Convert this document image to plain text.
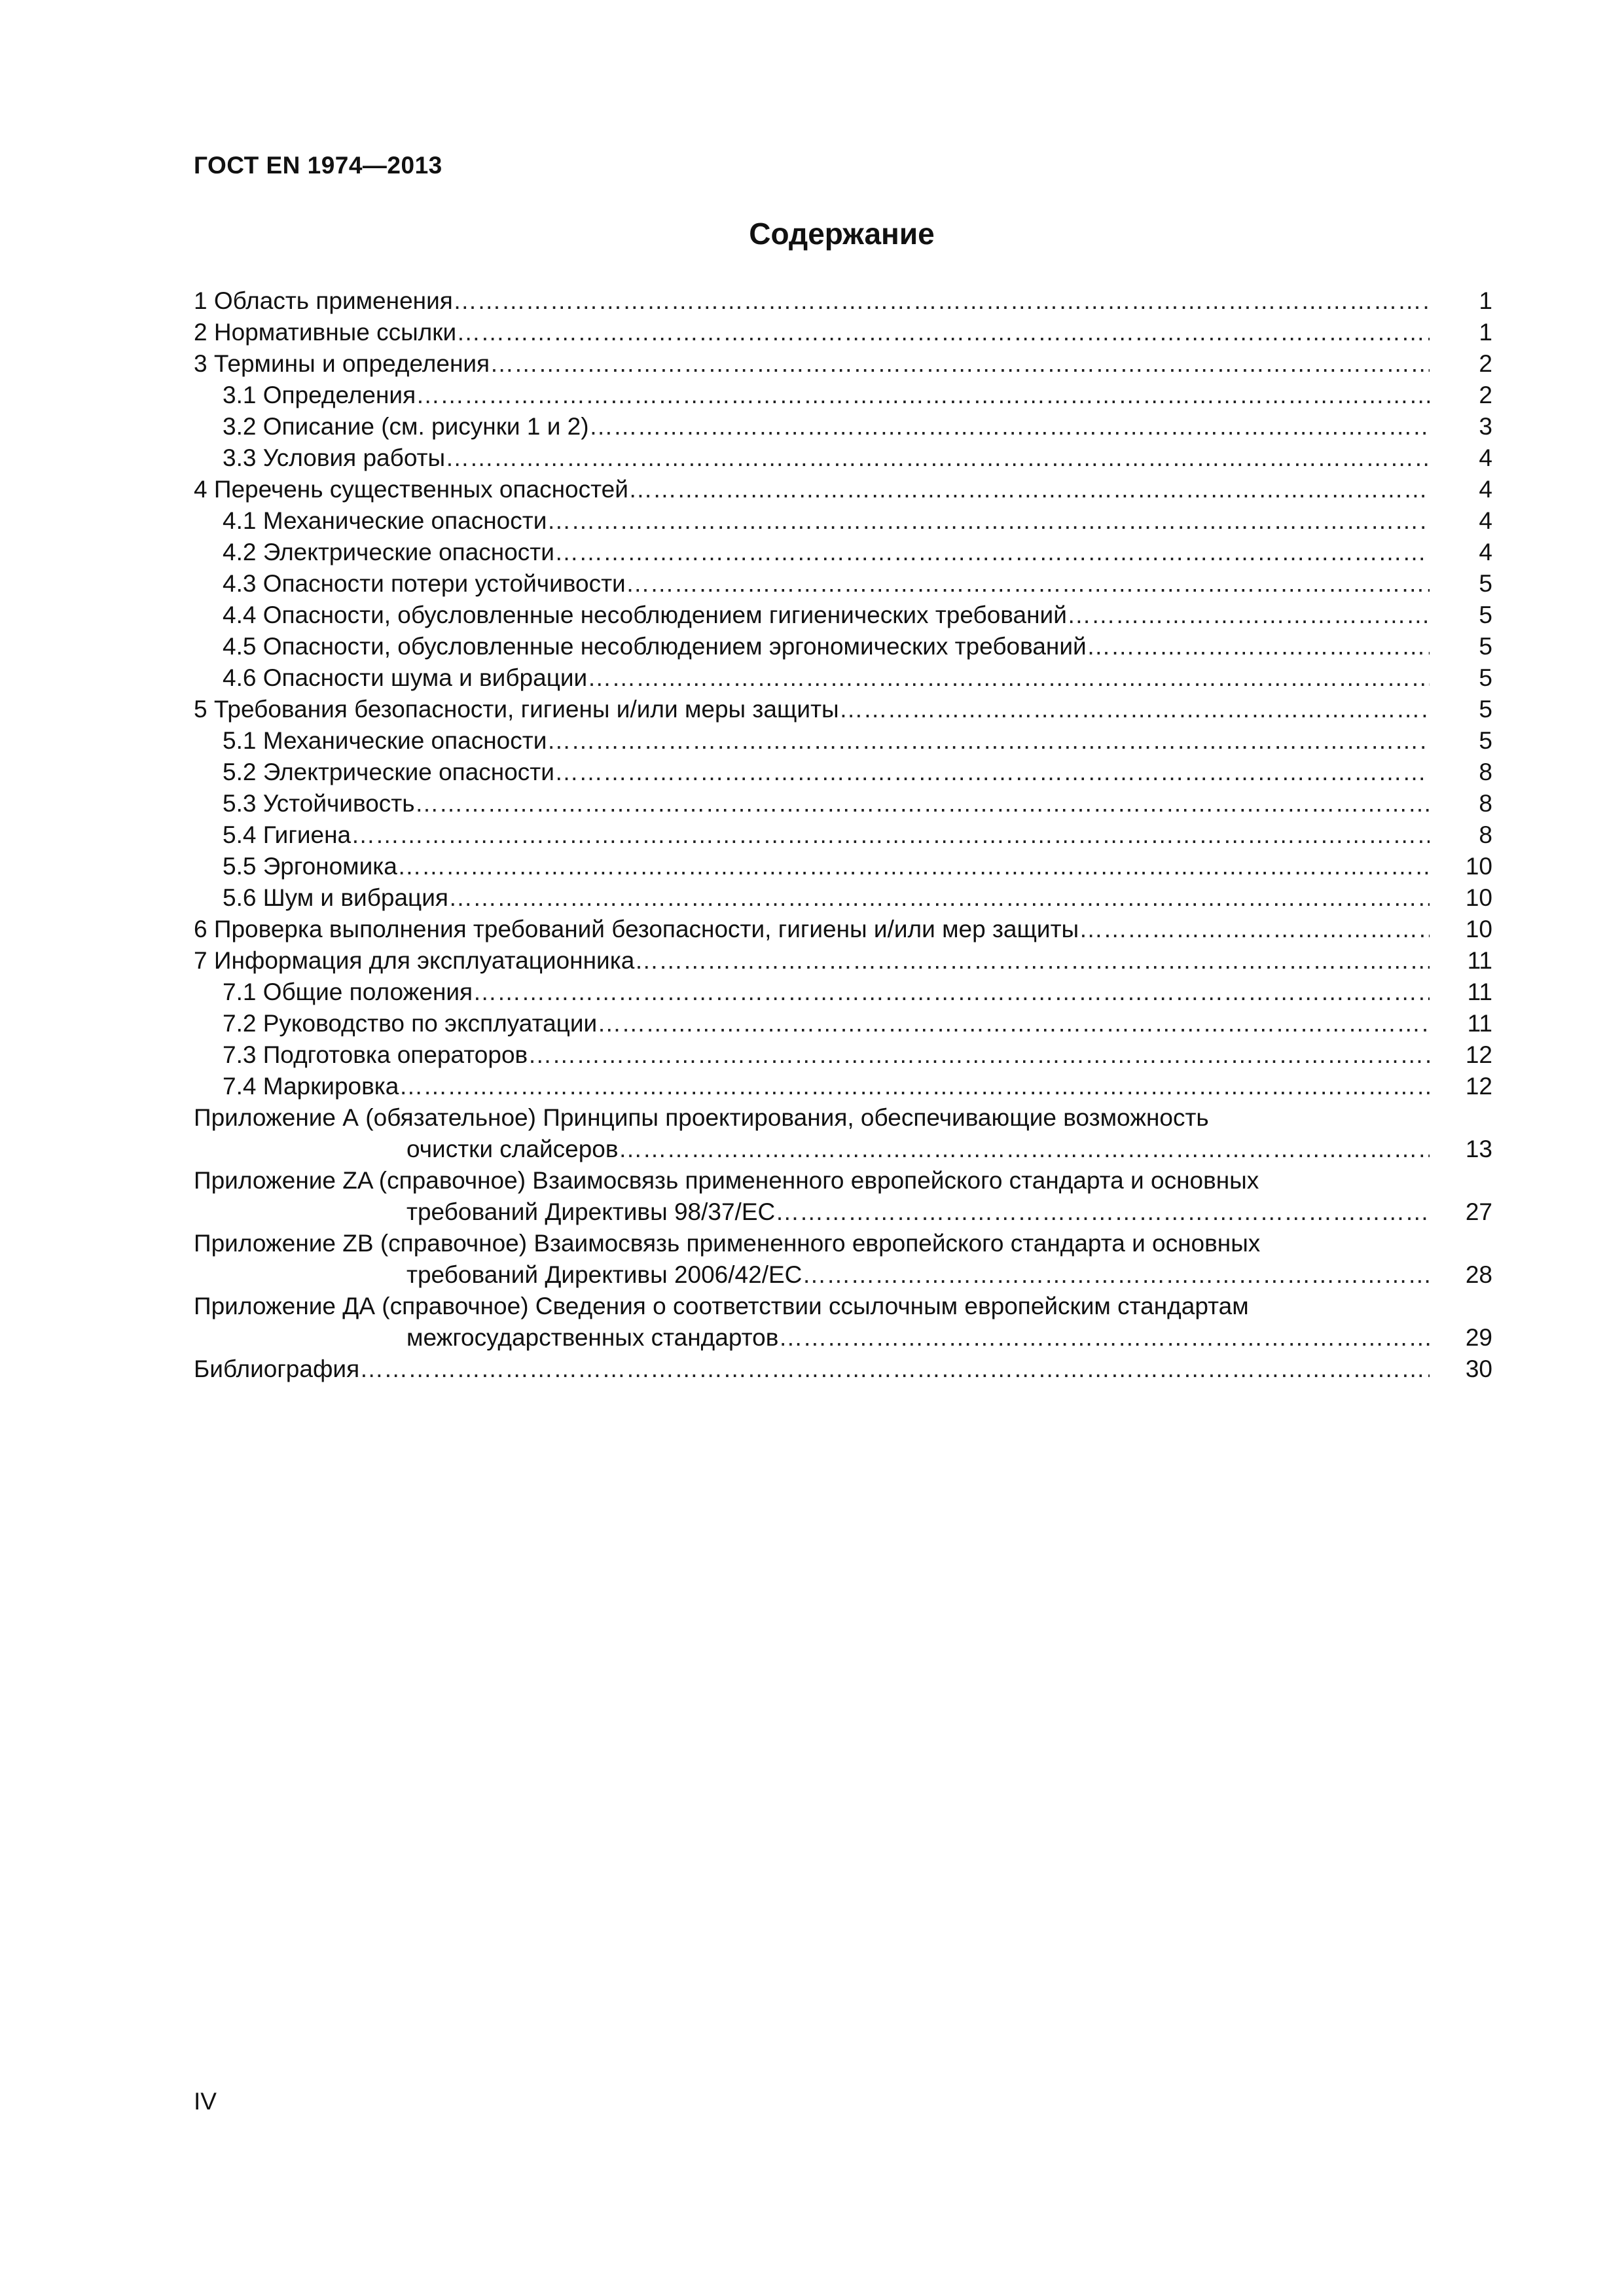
ГОСТ EN 1974—2013
Содержание
1 Область применения ……………………………………………………………………………………………………………………………………………………………………………………………………………………………………………………………………………………	1
2 Нормативные ссылки ……………………………………………………………………………………………………………………………………………………………………………………………………………………………………………………………………………………	1
3 Термины и определения ……………………………………………………………………………………………………………………………………………………………………………………………………………………………………………………………………………………	2
3.1 Определения ……………………………………………………………………………………………………………………………………………………………………………………………………………………………………………………………………………………	2
3.2 Описание (см. рисунки 1 и 2) ……………………………………………………………………………………………………………………………………………………………………………………………………………………………………………………………………………………	3
3.3 Условия работы ……………………………………………………………………………………………………………………………………………………………………………………………………………………………………………………………………………………	4
4 Перечень существенных опасностей ……………………………………………………………………………………………………………………………………………………………………………………………………………………………………………………………………………………	4
4.1 Механические опасности ……………………………………………………………………………………………………………………………………………………………………………………………………………………………………………………………………………………	4
4.2 Электрические опасности ……………………………………………………………………………………………………………………………………………………………………………………………………………………………………………………………………………………	4
4.3 Опасности потери устойчивости ……………………………………………………………………………………………………………………………………………………………………………………………………………………………………………………………………………………	5
4.4 Опасности, обусловленные несоблюдением гигиенических требований ……………………………………………………………………………………………………………………………………………………………………………………………………………………………………………………………………………………	5
4.5 Опасности, обусловленные несоблюдением эргономических требований ……………………………………………………………………………………………………………………………………………………………………………………………………………………………………………………………………………………	5
4.6 Опасности шума и вибрации ……………………………………………………………………………………………………………………………………………………………………………………………………………………………………………………………………………………	5
5 Требования безопасности, гигиены и/или меры защиты ……………………………………………………………………………………………………………………………………………………………………………………………………………………………………………………………………………………	5
5.1 Механические опасности ……………………………………………………………………………………………………………………………………………………………………………………………………………………………………………………………………………………	5
5.2 Электрические опасности ……………………………………………………………………………………………………………………………………………………………………………………………………………………………………………………………………………………	8
5.3 Устойчивость ……………………………………………………………………………………………………………………………………………………………………………………………………………………………………………………………………………………	8
5.4 Гигиена ……………………………………………………………………………………………………………………………………………………………………………………………………………………………………………………………………………………	8
5.5 Эргономика ……………………………………………………………………………………………………………………………………………………………………………………………………………………………………………………………………………………	10
5.6 Шум и вибрация ……………………………………………………………………………………………………………………………………………………………………………………………………………………………………………………………………………………	10
6 Проверка выполнения требований безопасности, гигиены и/или мер защиты ……………………………………………………………………………………………………………………………………………………………………………………………………………………………………………………………………………………	10
7 Информация для эксплуатационника ……………………………………………………………………………………………………………………………………………………………………………………………………………………………………………………………………………………	11
7.1 Общие положения ……………………………………………………………………………………………………………………………………………………………………………………………………………………………………………………………………………………	11
7.2 Руководство по эксплуатации ……………………………………………………………………………………………………………………………………………………………………………………………………………………………………………………………………………………	11
7.3 Подготовка операторов ……………………………………………………………………………………………………………………………………………………………………………………………………………………………………………………………………………………	12
7.4 Маркировка ……………………………………………………………………………………………………………………………………………………………………………………………………………………………………………………………………………………	12
Приложение А (обязательное) Принципы проектирования, обеспечивающие возможность
очистки слайсеров ……………………………………………………………………………………………………………………………………………………………………………………………………………………………………………………………………………………	13
Приложение ZA (справочное) Взаимосвязь примененного европейского стандарта и основных
требований Директивы 98/37/ЕС ……………………………………………………………………………………………………………………………………………………………………………………………………………………………………………………………………………………	27
Приложение ZB (справочное) Взаимосвязь примененного европейского стандарта и основных
требований Директивы 2006/42/ЕС ……………………………………………………………………………………………………………………………………………………………………………………………………………………………………………………………………………………	28
Приложение ДА (справочное) Сведения о соответствии ссылочным европейским стандартам
межгосударственных стандартов ……………………………………………………………………………………………………………………………………………………………………………………………………………………………………………………………………………………	29
Библиография ……………………………………………………………………………………………………………………………………………………………………………………………………………………………………………………………………………………	30
IV
